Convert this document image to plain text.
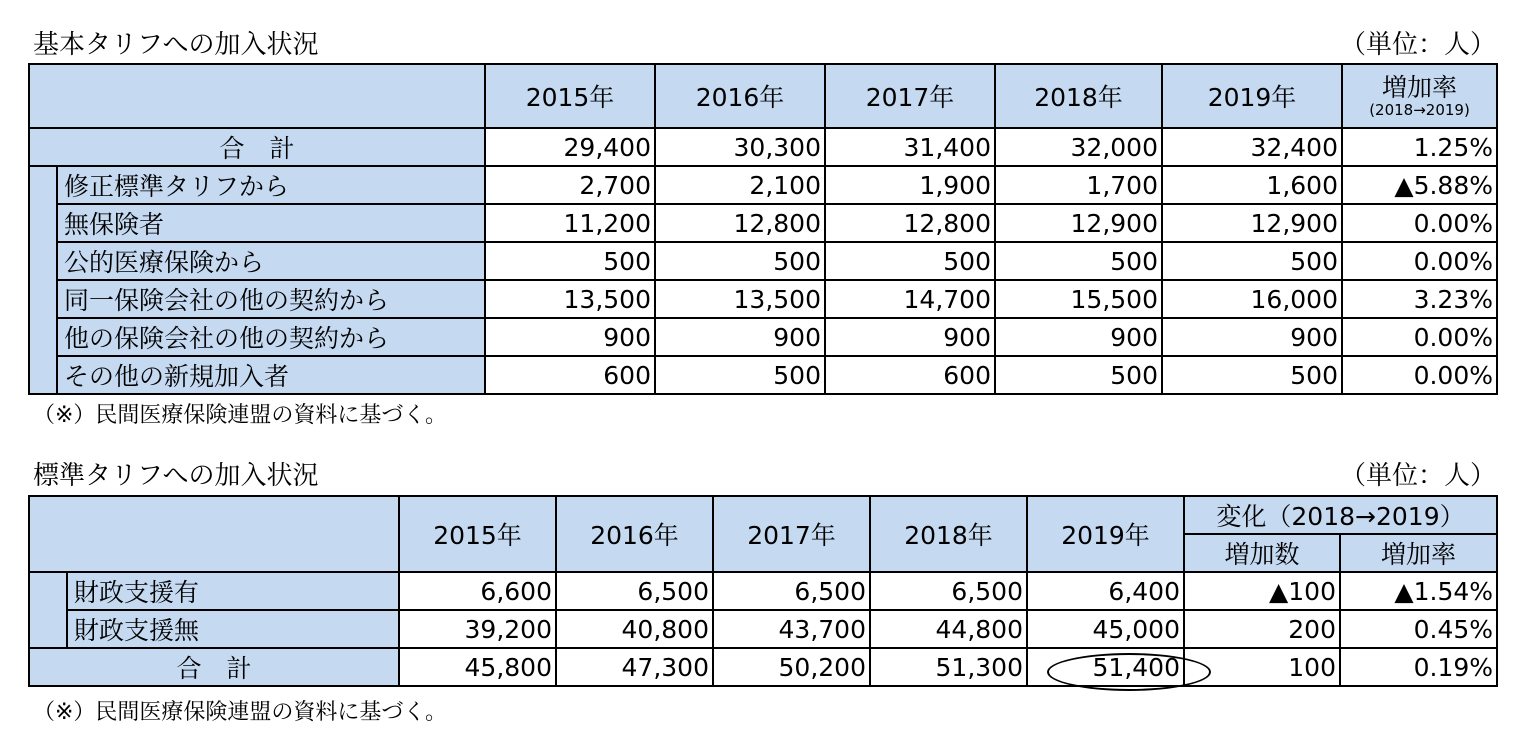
基本タリフへの加入状況	（単位：人）
		2015年	2016年	2017年	2018年	2019年	増加率
(2018→2019)

合　計		29,400	30,300	31,400	32,000	32,400	1.25%
	修正標準タリフから	2,700	2,100	1,900	1,700	1,600	▲5.88%
	無保険者	11,200	12,800	12,800	12,900	12,900	0.00%
	公的医療保険から	500	500	500	500	500	0.00%
	同一保険会社の他の契約から	13,500	13,500	14,700	15,500	16,000	3.23%
	他の保険会社の他の契約から	900	900	900	900	900	0.00%
	その他の新規加入者	600	500	600	500	500	0.00%
（※）民間医療保険連盟の資料に基づく。
標準タリフへの加入状況	（単位：人）
		2015年	2016年	2017年	2018年	2019年	変化（2018→2019）	
							増加数	増加率
	財政支援有	6,600	6,500	6,500	6,500	6,400	▲100	▲1.54%
	財政支援無	39,200	40,800	43,700	44,800	45,000	200	0.45%
合　計		45,800	47,300	50,200	51,300	51,400	100	0.19%
（※）民間医療保険連盟の資料に基づく。
